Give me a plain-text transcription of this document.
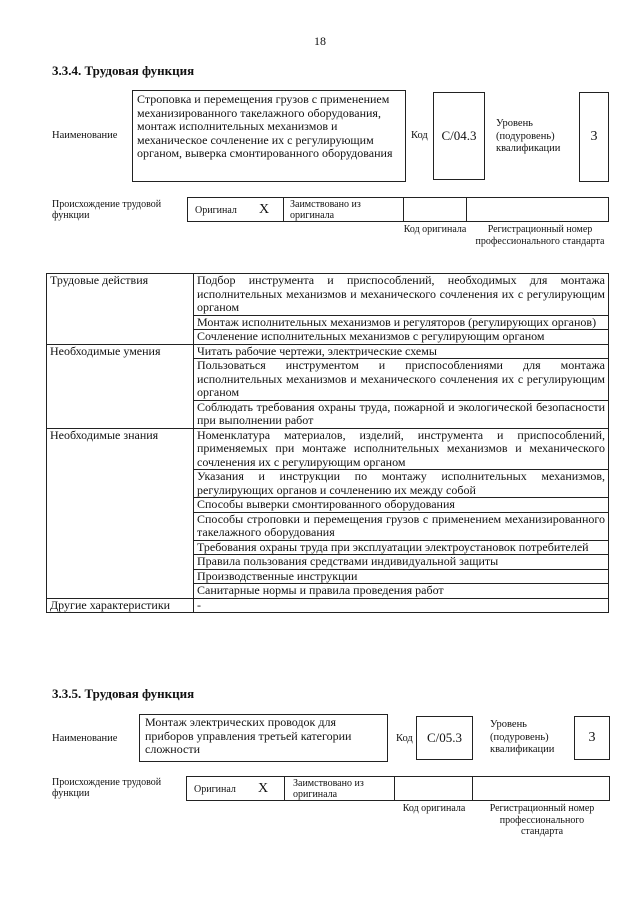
18
3.3.4. Трудовая функция
Наименование
Строповка и перемещения грузов с применением механизированного такелажного оборудования, монтаж исполнительных механизмов и механическое сочленение их с регулирующим органом, выверка смонтированного оборудования
Код	C/04.3
Уровень (подуровень) квалификации
3
Происхождение трудовой функции	Оригинал X	Заимствовано из оригинала
Код оригинала	Регистрационный номер профессионального стандарта
Трудовые действия	Подбор инструмента и приспособлений, необходимых для монтажа исполнительных механизмов и механического сочленения их с регулирующим органом
	Монтаж исполнительных механизмов и регуляторов (регулирующих органов)
	Сочленение исполнительных механизмов с регулирующим органом
Необходимые умения	Читать рабочие чертежи, электрические схемы
	Пользоваться инструментом и приспособлениями для монтажа исполнительных механизмов и механического сочленения их с регулирующим органом
	Соблюдать требования охраны труда, пожарной и экологической безопасности при выполнении работ
Необходимые знания	Номенклатура материалов, изделий, инструмента и приспособлений, применяемых при монтаже исполнительных механизмов и механического сочленения их с регулирующим органом
	Указания и инструкции по монтажу исполнительных механизмов, регулирующих органов и сочленению их между собой
	Способы выверки смонтированного оборудования
	Способы строповки и перемещения грузов с применением механизированного такелажного оборудования
	Требования охраны труда при эксплуатации электроустановок потребителей
	Правила пользования средствами индивидуальной защиты
	Производственные инструкции
	Санитарные нормы и правила проведения работ
Другие характеристики	-
3.3.5. Трудовая функция
Наименование
Монтаж электрических проводок для приборов управления третьей категории сложности
Код	C/05.3
Уровень (подуровень) квалификации
3
Происхождение трудовой функции	Оригинал X	Заимствовано из оригинала
Код оригинала	Регистрационный номер профессионального стандарта
